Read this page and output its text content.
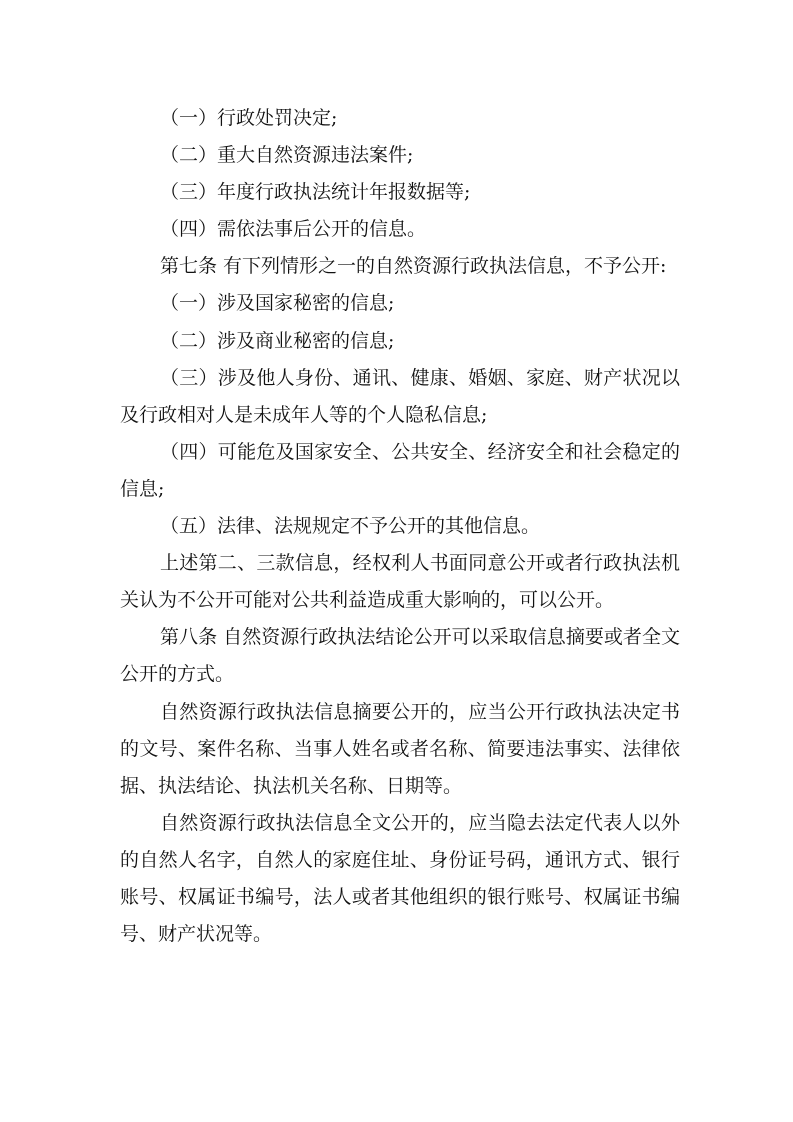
（一）行政处罚决定;

（二）重大自然资源违法案件;

（三）年度行政执法统计年报数据等;

（四）需依法事后公开的信息。

第七条 有下列情形之一的自然资源行政执法信息，不予公开:

（一）涉及国家秘密的信息;

（二）涉及商业秘密的信息;

（三）涉及他人身份、通讯、健康、婚姻、家庭、财产状况以及行政相对人是未成年人等的个人隐私信息;

（四）可能危及国家安全、公共安全、经济安全和社会稳定的信息;

（五）法律、法规规定不予公开的其他信息。

上述第二、三款信息，经权利人书面同意公开或者行政执法机关认为不公开可能对公共利益造成重大影响的，可以公开。

第八条 自然资源行政执法结论公开可以采取信息摘要或者全文公开的方式。

自然资源行政执法信息摘要公开的，应当公开行政执法决定书的文号、案件名称、当事人姓名或者名称、简要违法事实、法律依据、执法结论、执法机关名称、日期等。

自然资源行政执法信息全文公开的，应当隐去法定代表人以外的自然人名字，自然人的家庭住址、身份证号码，通讯方式、银行账号、权属证书编号，法人或者其他组织的银行账号、权属证书编号、财产状况等。
